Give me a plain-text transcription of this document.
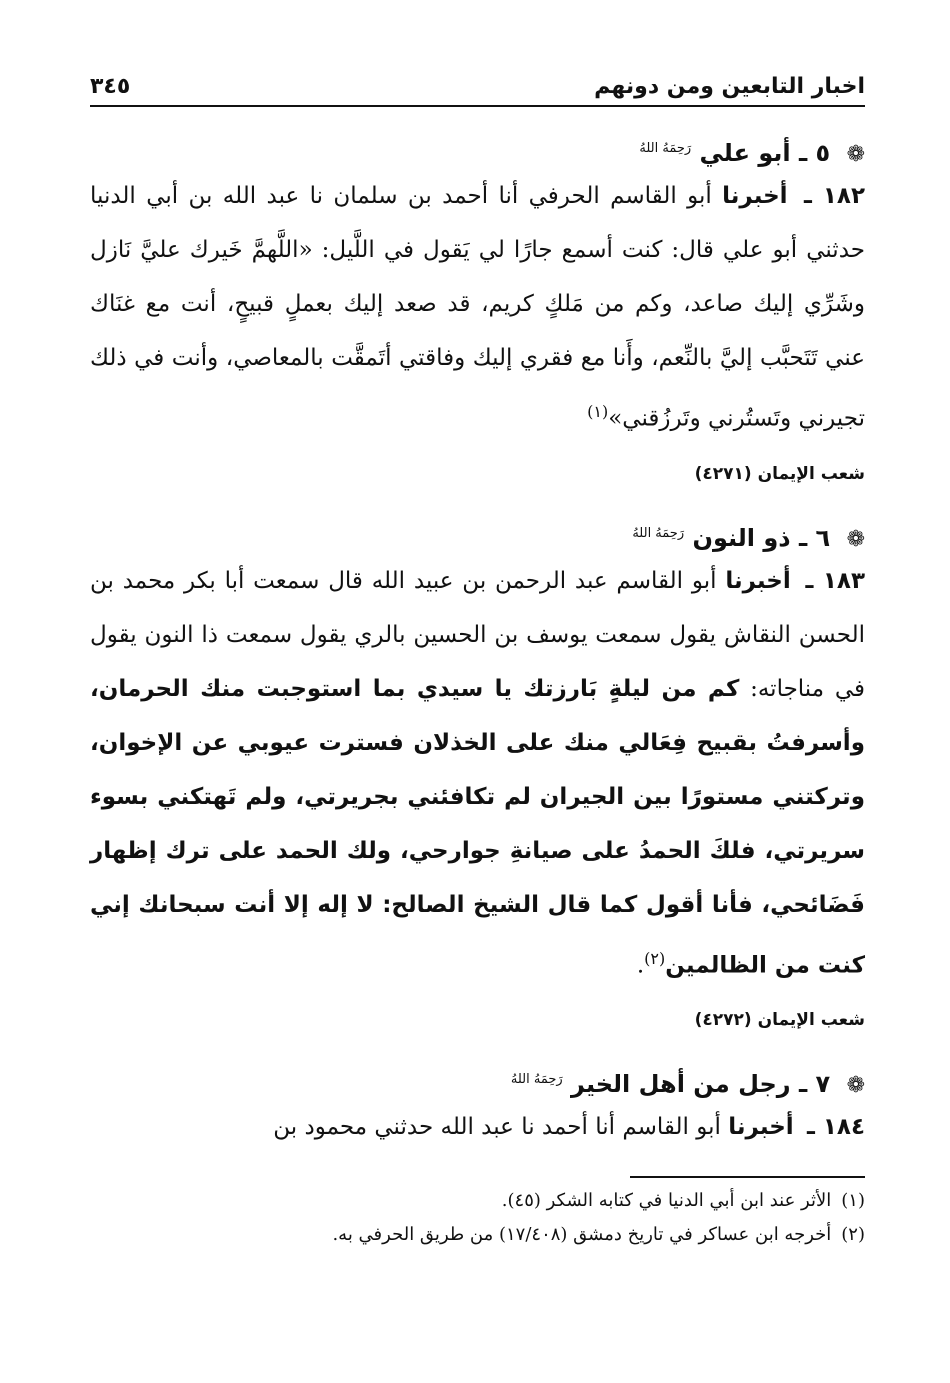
اخبار التابعين ومن دونهم
٣٤٥
❁ ٥ ـ أبو علي $^{رَحِمَهُ اللهُ}$

١٨٢ ـ أخبرنا أبو القاسم الحرفي أنا أحمد بن سلمان نا عبد الله بن أبي الدنيا حدثني أبو علي قال: كنت أسمع جارًا لي يَقول في اللَّيل: «اللَّهمَّ خَيرك عليَّ نَازل وشَرِّي إليك صاعد، وكم من مَلكٍ كريم، قد صعد إليك بعملٍ قبيحٍ، أنت مع غنَاك عني تَتَحبَّب إليَّ بالنِّعم، وأَنا مع فقري إليك وفاقتي أتَمقَّت بالمعاصي، وأنت في ذلك تجيرني وتَستُرني وتَرزُقني»$^{(١)}$

شعب الإيمان (٤٢٧١)
❁ ٦ ـ ذو النون $^{رَحِمَهُ اللهُ}$

١٨٣ ـ أخبرنا أبو القاسم عبد الرحمن بن عبيد الله قال سمعت أبا بكر محمد بن الحسن النقاش يقول سمعت يوسف بن الحسين بالري يقول سمعت ذا النون يقول في مناجاته: كم من ليلةٍ بَارزتك يا سيدي بما استوجبت منك الحرمان، وأسرفتُ بقبيح فِعَالي منك على الخذلان فسترت عيوبي عن الإخوان، وتركتني مستورًا بين الجيران لم تكافئني بجريرتي، ولم تَهتكني بسوء سريرتي، فلكَ الحمدُ على صيانةِ جوارحي، ولك الحمد على ترك إظهار فَضَائحي، فأنا أقول كما قال الشيخ الصالح: لا إله إلا أنت سبحانك إني كنت من الظالمين$^{(٢)}$.

شعب الإيمان (٤٢٧٢)
❁ ٧ ـ رجل من أهل الخير $^{رَحِمَهُ اللهُ}$

١٨٤ ـ أخبرنا أبو القاسم أنا أحمد نا عبد الله حدثني محمود بن

(١)الأثر عند ابن أبي الدنيا في كتابه الشكر (٤٥).
(٢)أخرجه ابن عساكر في تاريخ دمشق (١٧/٤٠٨) من طريق الحرفي به.
